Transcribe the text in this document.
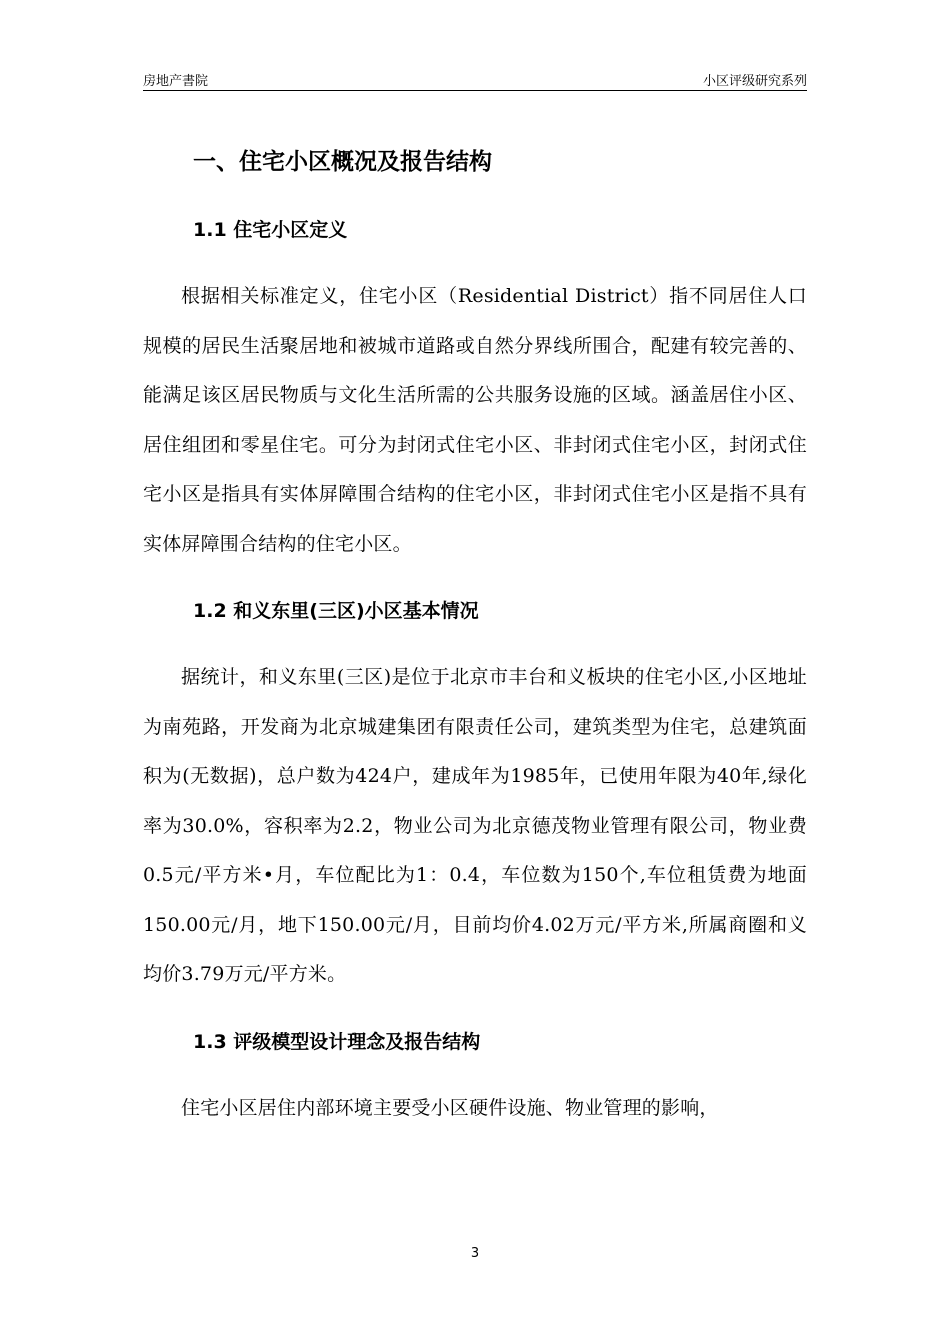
房地产書院	小区评级研究系列
一、住宅小区概况及报告结构
1.1 住宅小区定义

根据相关标准定义，住宅小区（Residential District）指不同居住人口规模的居民生活聚居地和被城市道路或自然分界线所围合，配建有较完善的、能满足该区居民物质与文化生活所需的公共服务设施的区域。涵盖居住小区、居住组团和零星住宅。可分为封闭式住宅小区、非封闭式住宅小区，封闭式住宅小区是指具有实体屏障围合结构的住宅小区，非封闭式住宅小区是指不具有实体屏障围合结构的住宅小区。

1.2 和义东里(三区)小区基本情况

据统计，和义东里(三区)是位于北京市丰台和义板块的住宅小区,小区地址为南苑路，开发商为北京城建集团有限责任公司，建筑类型为住宅，总建筑面积为(无数据)，总户数为424户，建成年为1985年，已使用年限为40年,绿化率为30.0%，容积率为2.2，物业公司为北京德茂物业管理有限公司，物业费0.5元/平方米•月，车位配比为1：0.4，车位数为150个,车位租赁费为地面150.00元/月，地下150.00元/月，目前均价4.02万元/平方米,所属商圈和义均价3.79万元/平方米。

1.3 评级模型设计理念及报告结构

住宅小区居住内部环境主要受小区硬件设施、物业管理的影响，

3
